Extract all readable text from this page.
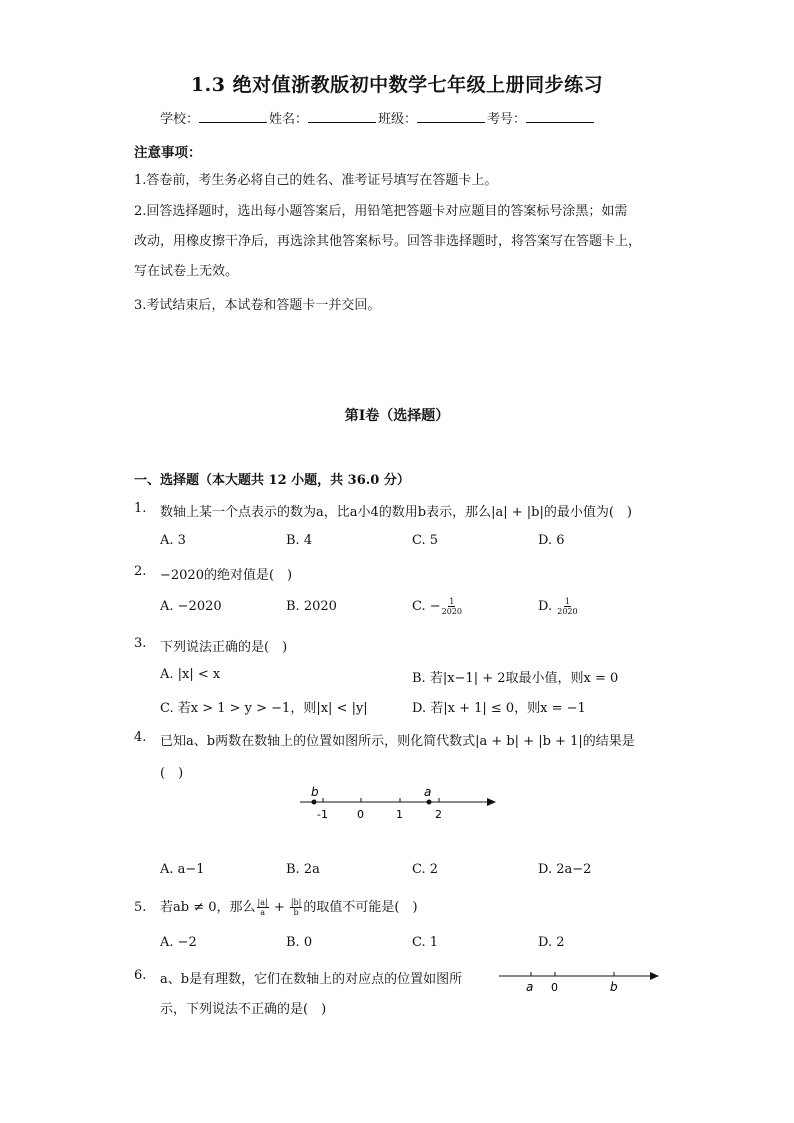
1.3 绝对值浙教版初中数学七年级上册同步练习
学校：	姓名：	班级：	考号：
注意事项：
1.答卷前，考生务必将自己的姓名、准考证号填写在答题卡上。
2.回答选择题时，选出每小题答案后，用铅笔把答题卡对应题目的答案标号涂黑；如需
改动，用橡皮擦干净后，再选涂其他答案标号。回答非选择题时，将答案写在答题卡上，
写在试卷上无效。
3.考试结束后，本试卷和答题卡一并交回。
第I卷（选择题）
一、选择题（本大题共 12 小题，共 36.0 分）
1. 数轴上某一个点表示的数为a，比a小4的数用b表示，那么|a| + |b|的最小值为(　)
A. 3	B. 4	C. 5	D. 6
2. −2020的绝对值是(　)
A. −2020	B. 2020	C. − $\frac{1}{2020}$	D. $\frac{1}{2020}$
3. 下列说法正确的是(　)
A. |x| < x	B. 若|x−1| + 2取最小值，则x = 0
C. 若x > 1 > y > −1，则|x| < |y|	D. 若|x + 1| ≤ 0，则x = −1
4. 已知a、b两数在数轴上的位置如图所示，则化简代数式|a + b| + |b + 1|的结果是
(　)
b	a
-1	0	1	2
A. a−1	B. 2a	C. 2	D. 2a−2
5. 若ab ≠ 0，那么 $\frac{|a|}{a} + \frac{|b|}{b}$ 的取值不可能是(　)
A. −2	B. 0	C. 1	D. 2
6. a、b是有理数，它们在数轴上的对应点的位置如图所
示，下列说法不正确的是(　)
a 0	b
